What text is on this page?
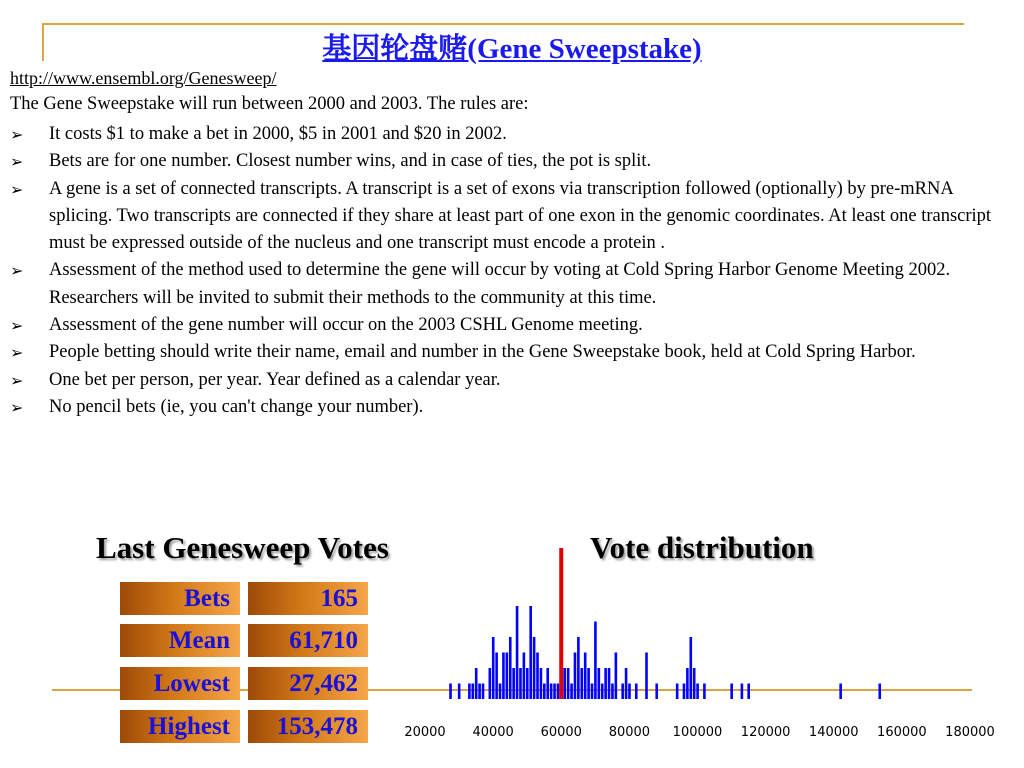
基因轮盘赌(Gene Sweepstake)
http://www.ensembl.org/Genesweep/
The Gene Sweepstake will run between 2000 and 2003. The rules are:
➢ It costs $1 to make a bet in 2000, $5 in 2001 and $20 in 2002.
➢ Bets are for one number. Closest number wins, and in case of ties, the pot is split.
➢ A gene is a set of connected transcripts. A transcript is a set of exons via transcription followed (optionally) by pre-mRNA splicing. Two transcripts are connected if they share at least part of one exon in the genomic coordinates. At least one transcript must be expressed outside of the nucleus and one transcript must encode a protein .
➢ Assessment of the method used to determine the gene will occur by voting at Cold Spring Harbor Genome Meeting 2002. Researchers will be invited to submit their methods to the community at this time.
➢ Assessment of the gene number will occur on the 2003 CSHL Genome meeting.
➢ People betting should write their name, email and number in the Gene Sweepstake book, held at Cold Spring Harbor.
➢ One bet per person, per year. Year defined as a calendar year.
➢ No pencil bets (ie, you can't change your number).
Last Genesweep Votes	Vote distribution
Bets	165
Mean	61,710
Lowest	27,462
Highest	153,478	20000 40000 60000 80000 100000 120000 140000 160000 180000
